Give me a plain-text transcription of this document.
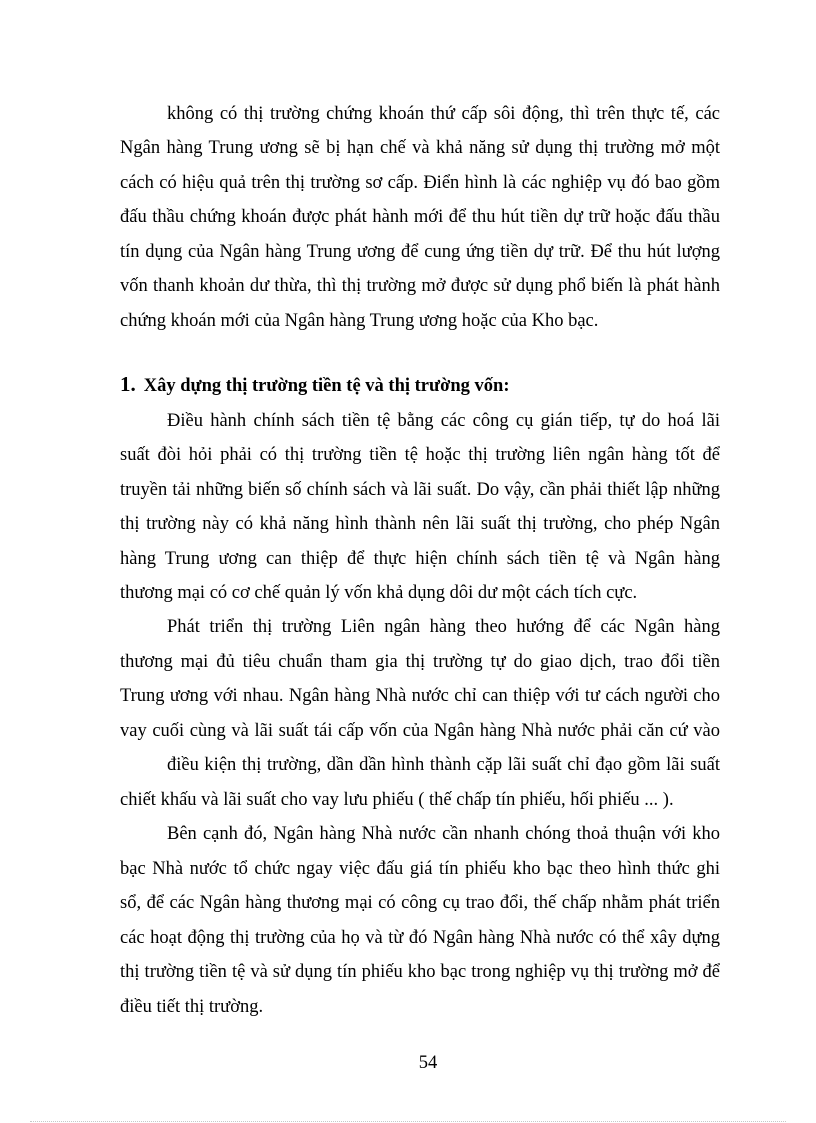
không có thị trường chứng khoán thứ cấp sôi động, thì trên thực tế, các
Ngân hàng Trung ương sẽ bị hạn chế và khả năng sử dụng thị trường mở một
cách có hiệu quả trên thị trường sơ cấp. Điển hình là các nghiệp vụ đó bao gồm
đấu thầu chứng khoán được phát hành mới để thu hút tiền dự trữ hoặc đấu thầu
tín dụng của Ngân hàng Trung ương để cung ứng tiền dự trữ. Để thu hút lượng
vốn thanh khoản dư thừa, thì thị trường mở được sử dụng phổ biến là phát hành
chứng khoán mới của Ngân hàng Trung ương hoặc của Kho bạc.
1. Xây dựng thị trường tiền tệ và thị trường vốn:
Điều hành chính sách tiền tệ bằng các công cụ gián tiếp, tự do hoá lãi
suất đòi hỏi phải có thị trường tiền tệ hoặc thị trường liên ngân hàng tốt để
truyền tải những biến số chính sách và lãi suất. Do vậy, cần phải thiết lập những
thị trường này có khả năng hình thành nên lãi suất thị trường, cho phép Ngân
hàng Trung ương can thiệp để thực hiện chính sách tiền tệ và Ngân hàng
thương mại có cơ chế quản lý vốn khả dụng dôi dư một cách tích cực.
Phát triển thị trường Liên ngân hàng theo hướng để các Ngân hàng
thương mại đủ tiêu chuẩn tham gia thị trường tự do giao dịch, trao đổi tiền
Trung ương với nhau. Ngân hàng Nhà nước chỉ can thiệp với tư cách người cho
vay cuối cùng và lãi suất tái cấp vốn của Ngân hàng Nhà nước phải căn cứ vào
điều kiện thị trường, dần dần hình thành cặp lãi suất chỉ đạo gồm lãi suất
chiết khấu và lãi suất cho vay lưu phiếu ( thế chấp tín phiếu, hối phiếu ... ).
Bên cạnh đó, Ngân hàng Nhà nước cần nhanh chóng thoả thuận với kho
bạc Nhà nước tổ chức ngay việc đấu giá tín phiếu kho bạc theo hình thức ghi
sổ, để các Ngân hàng thương mại có công cụ trao đổi, thế chấp nhằm phát triển
các hoạt động thị trường của họ và từ đó Ngân hàng Nhà nước có thể xây dựng
thị trường tiền tệ và sử dụng tín phiếu kho bạc trong nghiệp vụ thị trường mở để
điều tiết thị trường.
54
